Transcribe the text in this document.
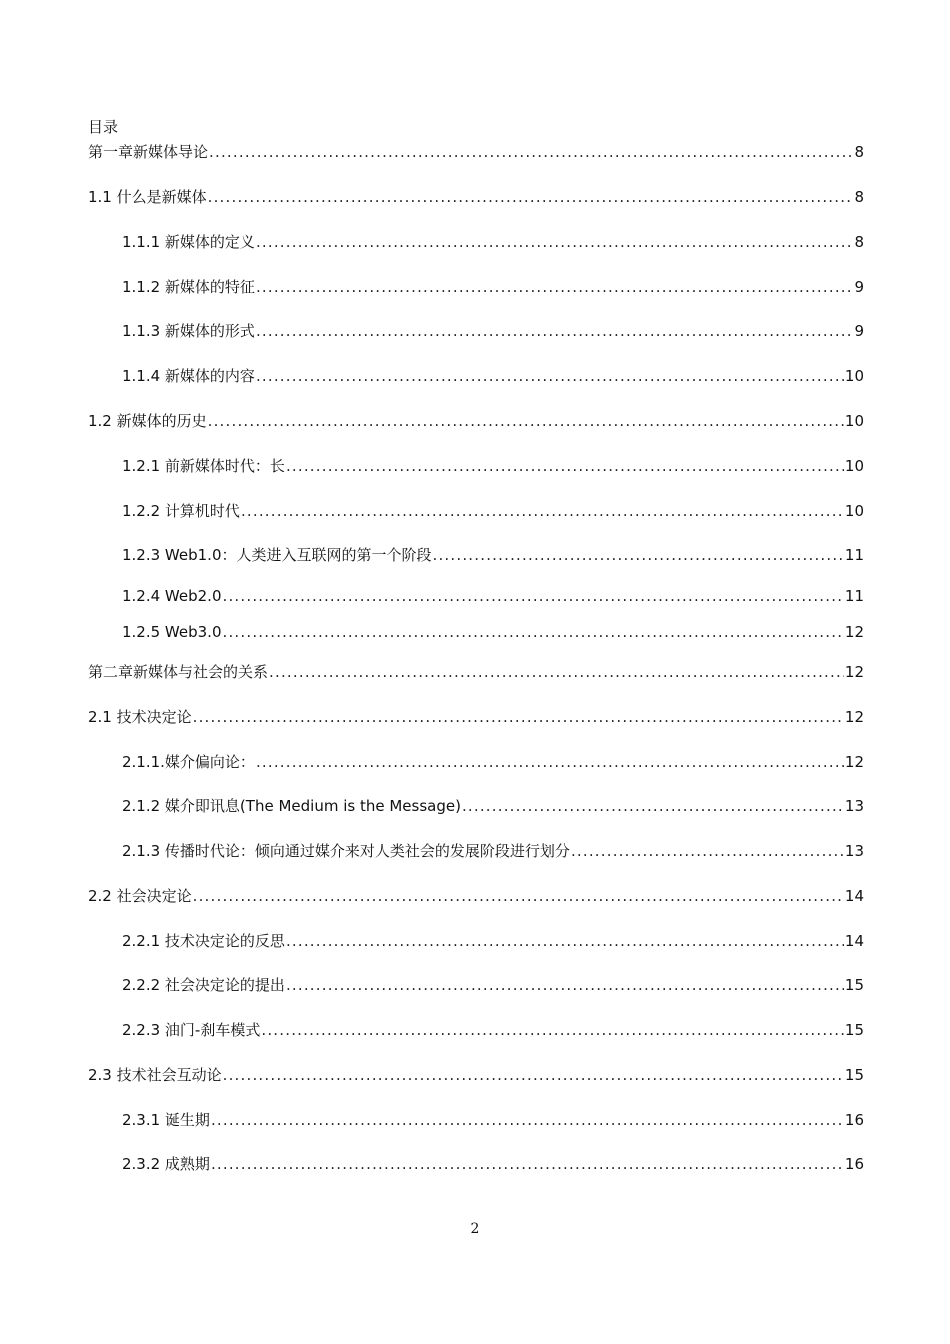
目录
第一章新媒体导论 .....	8
1.1 什么是新媒体 .....	8
1.1.1 新媒体的定义 .....	8
1.1.2 新媒体的特征 .....	9
1.1.3 新媒体的形式 .....	9
1.1.4 新媒体的内容 .....	10
1.2 新媒体的历史 .....	10
1.2.1 前新媒体时代：长 .....	10
1.2.2 计算机时代 .....	10
1.2.3 Web1.0：人类进入互联网的第一个阶段 .....	11
1.2.4 Web2.0 .....	11
1.2.5 Web3.0 .....	12
第二章新媒体与社会的关系 .....	12
2.1 技术决定论 .....	12
2.1.1.媒介偏向论： .....	12
2.1.2 媒介即讯息(The Medium is the Message) .....	13
2.1.3 传播时代论：倾向通过媒介来对人类社会的发展阶段进行划分 .....	13
2.2 社会决定论 .....	14
2.2.1 技术决定论的反思 .....	14
2.2.2 社会决定论的提出 .....	15
2.2.3 油门-刹车模式 .....	15
2.3 技术社会互动论 .....	15
2.3.1 诞生期 .....	16
2.3.2 成熟期 .....	16
2
